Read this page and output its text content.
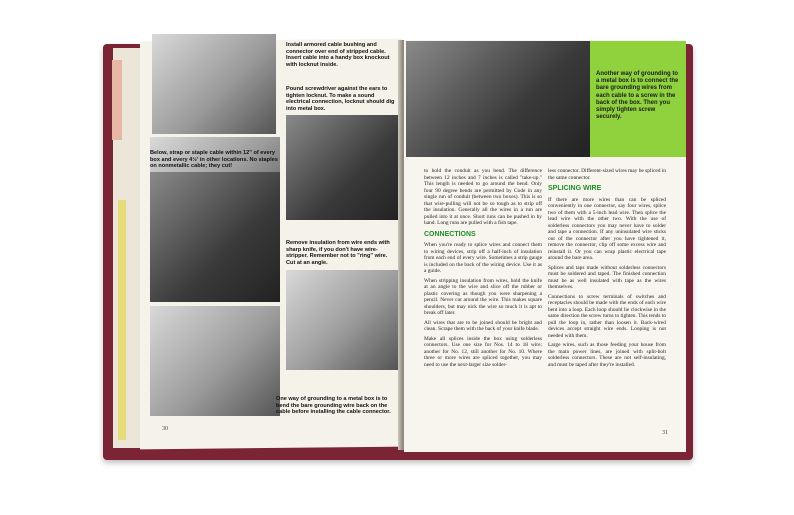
Install armored cable bushing and connector over end of stripped cable. Insert cable into a handy box knockout with locknut inside.
Pound screwdriver against the ears to tighten locknut. To make a sound electrical connection, locknut should dig into metal box.
Below, strap or staple cable within 12" of every box and every 4½' in other locations. No staples on nonmetallic cable; they cut!
Remove insulation from wire ends with sharp knife, if you don't have wire-stripper. Remember not to "ring" wire. Cut at an angle.
One way of grounding to a metal box is to bend the bare grounding wire back on the cable before installing the cable connector.
30
Another way of grounding to a metal box is to connect the bare grounding wires from each cable to a screw in the back of the box. Then you simply tighten screw securely.

to hold the conduit as you bend. The difference between 12 inches and 7 inches is called "take-up." This length is needed to go around the bend. Only four 90 degree bends are permitted by Code in any single run of conduit (between two boxes). This is so that wire-pulling will not be so tough as to strip off the insulation. Generally all the wires in a run are pulled into it at once. Short runs can be pushed in by hand. Long runs are pulled with a fish tape.

CONNECTIONS

When you're ready to splice wires and connect them to wiring devices, strip off a half-inch of insulation from each end of every wire. Sometimes a strip gauge is included on the back of the wiring device. Use it as a guide.

When stripping insulation from wires, hold the knife at an angle to the wire and slice off the rubber or plastic covering as though you were sharpening a pencil. Never cut around the wire. This makes square shoulders, but may nick the wire so much it is apt to break off later.

All wires that are to be joined should be bright and clean. Scrape them with the back of your knife blade.

Make all splices inside the box using solderless connectors. Use one size for Nos. 14 to 18 wire; another for No. 12, still another for No. 10. Where three or more wires are spliced together, you may need to use the next-larger size solder-

less connector. Different-sized wires may be spliced in the same connector.

SPLICING WIRE

If there are more wires than can be spliced conveniently in one connector, say four wires, splice two of them with a 5-inch lead wire. Then splice the lead wire with the other two. With the use of solderless connectors you may never have to solder and tape a connection. If any uninsulated wire sticks out of the connector after you have tightened it, remove the connector, clip off some excess wire and reinstall it. Or you can wrap plastic electrical tape around the bare area.

Splices and taps made without solderless connectors must be soldered and taped. The finished connection must be as well insulated with tape as the wires themselves.

Connections to screw terminals of switches and receptacles should be made with the ends of each wire bent into a loop. Each loop should lie clockwise in the same direction the screw turns to tighten. This tends to pull the loop in, rather than loosen it. Back-wired devices accept straight wire ends. Looping is not needed with them.

Large wires, such as those feeding your house from the main power lines, are joined with split-bolt solderless connectors. These are not self-insulating, and must be taped after they're installed.

31
